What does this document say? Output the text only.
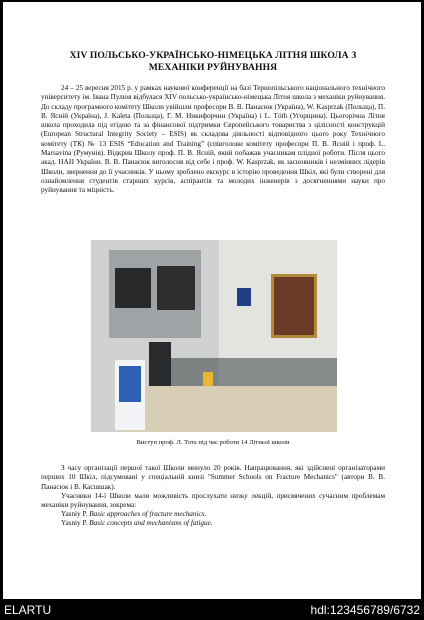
XIV ПОЛЬСЬКО-УКРАЇНСЬКО-НІМЕЦЬКА ЛІТНЯ ШКОЛА З МЕХАНІКИ РУЙНУВАННЯ

24 – 25 вересня 2015 р. у рамках наукової конференції на базі Тернопільського національного технічного університету ім. Івана Пулюя відбулася XIV польсько-українсько-німецька Літня школа з механіки руйнування. До складу програмного комітету Школи увійшли професори В. В. Панасюк (Україна), W. Kasprzak (Польща), П. В. Ясній (Україна), J. Kaleta (Польща), Г. М. Никифорчин (Україна) і L. Tóth (Угорщина). Цьогорічна Літня школа проходила під егідою та за фінансової підтримки Європейського товариства з цілісності конструкцій (European Structural Integrity Society – ESIS) як складова діяльності відповідного цього року Технічного комітету (ТК) № 13 ESIS “Education and Training” (співголови комітету професори П. В. Ясній і проф. L. Marsavina (Румунія). Відкрив Школу проф. П. В. Ясній, який побажав учасникам плідної роботи. Після цього акад. НАН України. В. В. Панасюк виголосив від себе і проф. W. Kasprzak, як засновників і незмінних лідерів Школи, звернення до її учасників. У ньому зроблено екскурс в історію проведення Шкіл, які були створені для ознайомлення студентів старших курсів, аспірантів та молодих інженерів з досягненнями науки про руйнування та міцність.

Виступ проф. Л. Тота під час роботи 14 Літньої школи

З часу організації першої такої Школи минуло 20 років. Напрацювання, які здійснені організаторами перших 10 Шкіл, підсумовані у спеціальній книзі "Summer Schools on Fracture Mechanics" (автори В. В. Панасюк і В. Касшшак).

Учасники 14-ї Школи мали можливість прослухати низку лекцій, присвячених сучасним проблемам механіки руйнування, зокрема:

Yasniy P. Basic approaches of fracture mechanics.
Yasniy P. Basic concepts and mechanisms of fatigue.
ELARTU	hdl:123456789/6732
